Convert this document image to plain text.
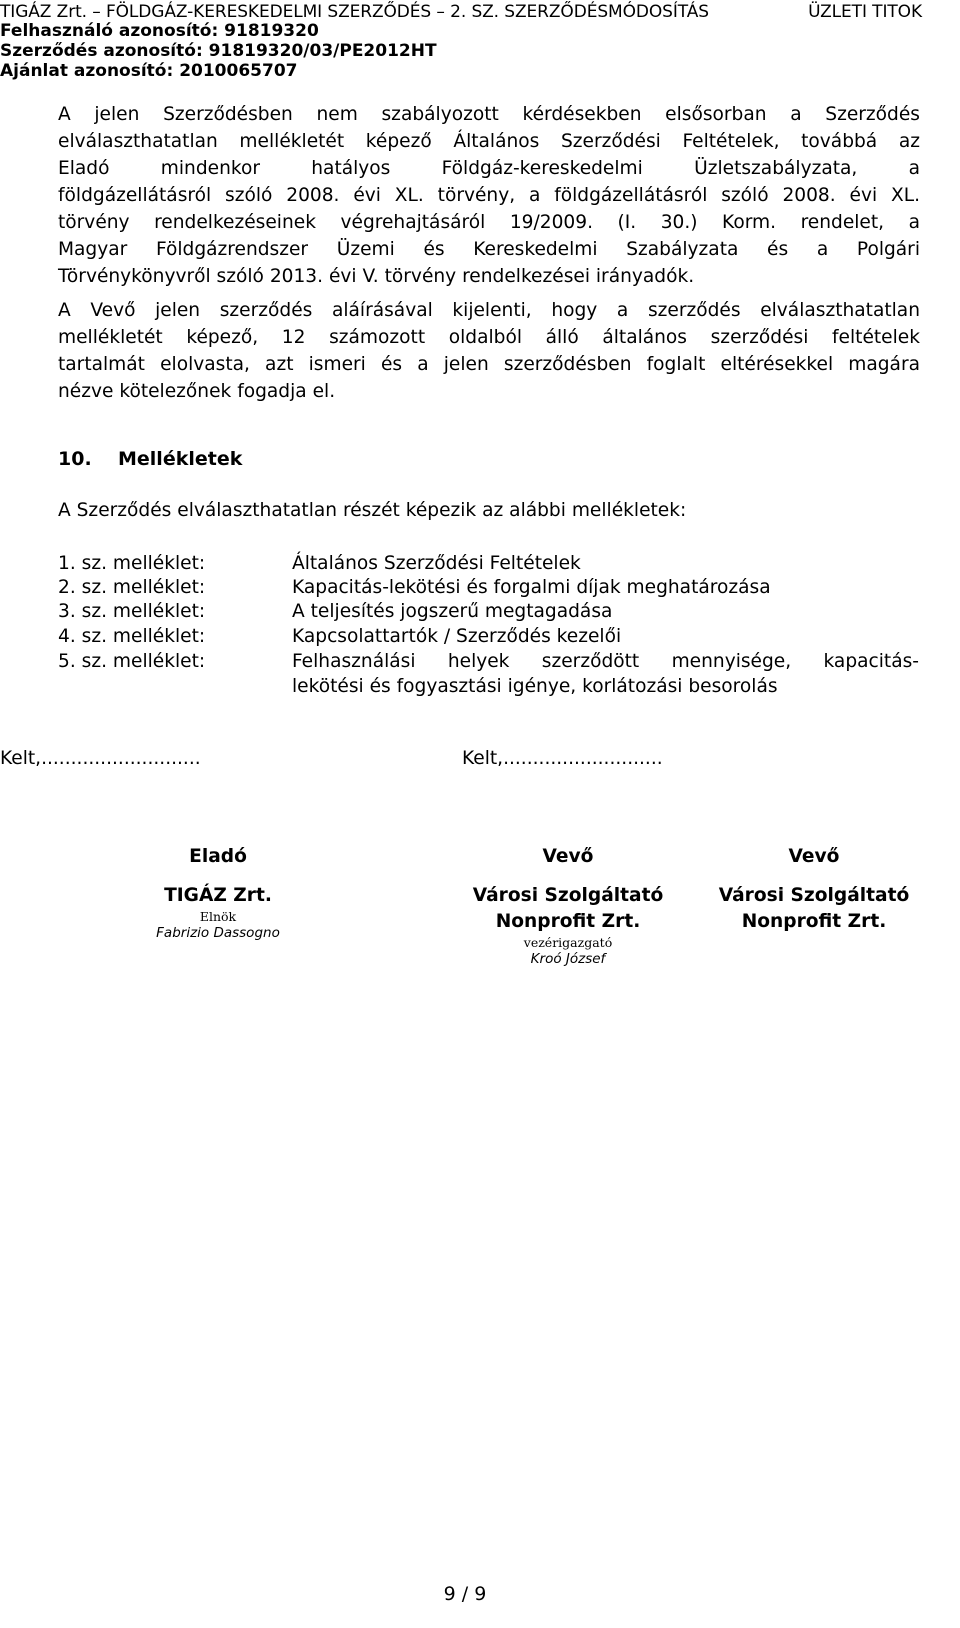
TIGÁZ Zrt. – FÖLDGÁZ-KERESKEDELMI SZERZŐDÉS – 2. SZ. SZERZŐDÉSMÓDOSÍTÁS	ÜZLETI TITOK
Felhasználó azonosító: 91819320
Szerződés azonosító: 91819320/03/PE2012HT
Ajánlat azonosító: 2010065707
A jelen Szerződésben nem szabályozott kérdésekben elsősorban a Szerződés
elválaszthatatlan mellékletét képező Általános Szerződési Feltételek, továbbá az
Eladó mindenkor hatályos Földgáz-kereskedelmi Üzletszabályzata, a
földgázellátásról szóló 2008. évi XL. törvény, a földgázellátásról szóló 2008. évi XL.
törvény rendelkezéseinek végrehajtásáról 19/2009. (I. 30.) Korm. rendelet, a
Magyar Földgázrendszer Üzemi és Kereskedelmi Szabályzata és a Polgári
Törvénykönyvről szóló 2013. évi V. törvény rendelkezései irányadók.
A Vevő jelen szerződés aláírásával kijelenti, hogy a szerződés elválaszthatatlan
mellékletét képező, 12 számozott oldalból álló általános szerződési feltételek
tartalmát elolvasta, azt ismeri és a jelen szerződésben foglalt eltérésekkel magára
nézve kötelezőnek fogadja el.
10. Mellékletek
A Szerződés elválaszthatatlan részét képezik az alábbi mellékletek:
1. sz. melléklet:	Általános Szerződési Feltételek
2. sz. melléklet:	Kapacitás-lekötési és forgalmi díjak meghatározása
3. sz. melléklet:	A teljesítés jogszerű megtagadása
4. sz. melléklet:	Kapcsolattartók / Szerződés kezelői
5. sz. melléklet:	Felhasználási helyek szerződött mennyisége, kapacitás-
lekötési és fogyasztási igénye, korlátozási besorolás
Kelt,...........................	Kelt,...........................
Eladó
TIGÁZ Zrt.
Elnök
Fabrizio Dassogno
Vevő
Városi Szolgáltató
Nonprofit Zrt.
vezérigazgató
Kroó József
Vevő
Városi Szolgáltató
Nonprofit Zrt.
9 / 9
